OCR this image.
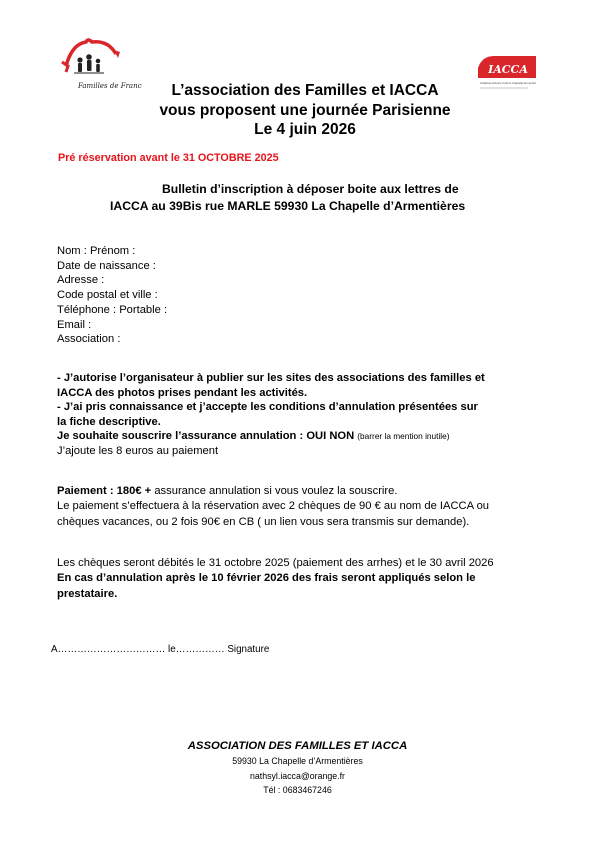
Familles de France
IACCA
Initiatives Actions Culture Chapelle Armentières
L’association des Familles et IACCA
vous proposent une journée Parisienne
Le 4 juin 2026
Pré réservation avant le 31 OCTOBRE 2025
Bulletin d’inscription à déposer boite aux lettres de
IACCA au 39Bis rue MARLE 59930 La Chapelle d’Armentières
Nom : Prénom :
Date de naissance :
Adresse :
Code postal et ville :
Téléphone : Portable :
Email :
Association :
- J’autorise l’organisateur à publier sur les sites des associations des familles et
IACCA des photos prises pendant les activités.
- J’ai pris connaissance et j’accepte les conditions d’annulation présentées sur
la fiche descriptive.
Je souhaite souscrire l’assurance annulation : OUI NON (barrer la mention inutile)
J’ajoute les 8 euros au paiement
Paiement : 180€ + assurance annulation si vous voulez la souscrire.
Le paiement s’effectuera à la réservation avec 2 chèques de 90 € au nom de IACCA ou
chèques vacances, ou 2 fois 90€ en CB ( un lien vous sera transmis sur demande).
Les chèques seront débités le 31 octobre 2025 (paiement des arrhes) et le 30 avril 2026
En cas d’annulation après le 10 février 2026 des frais seront appliqués selon le
prestataire.
A…………………………… le…………… Signature
ASSOCIATION DES FAMILLES ET IACCA
59930 La Chapelle d’Armentières
nathsyl.iacca@orange.fr
Tél : 0683467246
